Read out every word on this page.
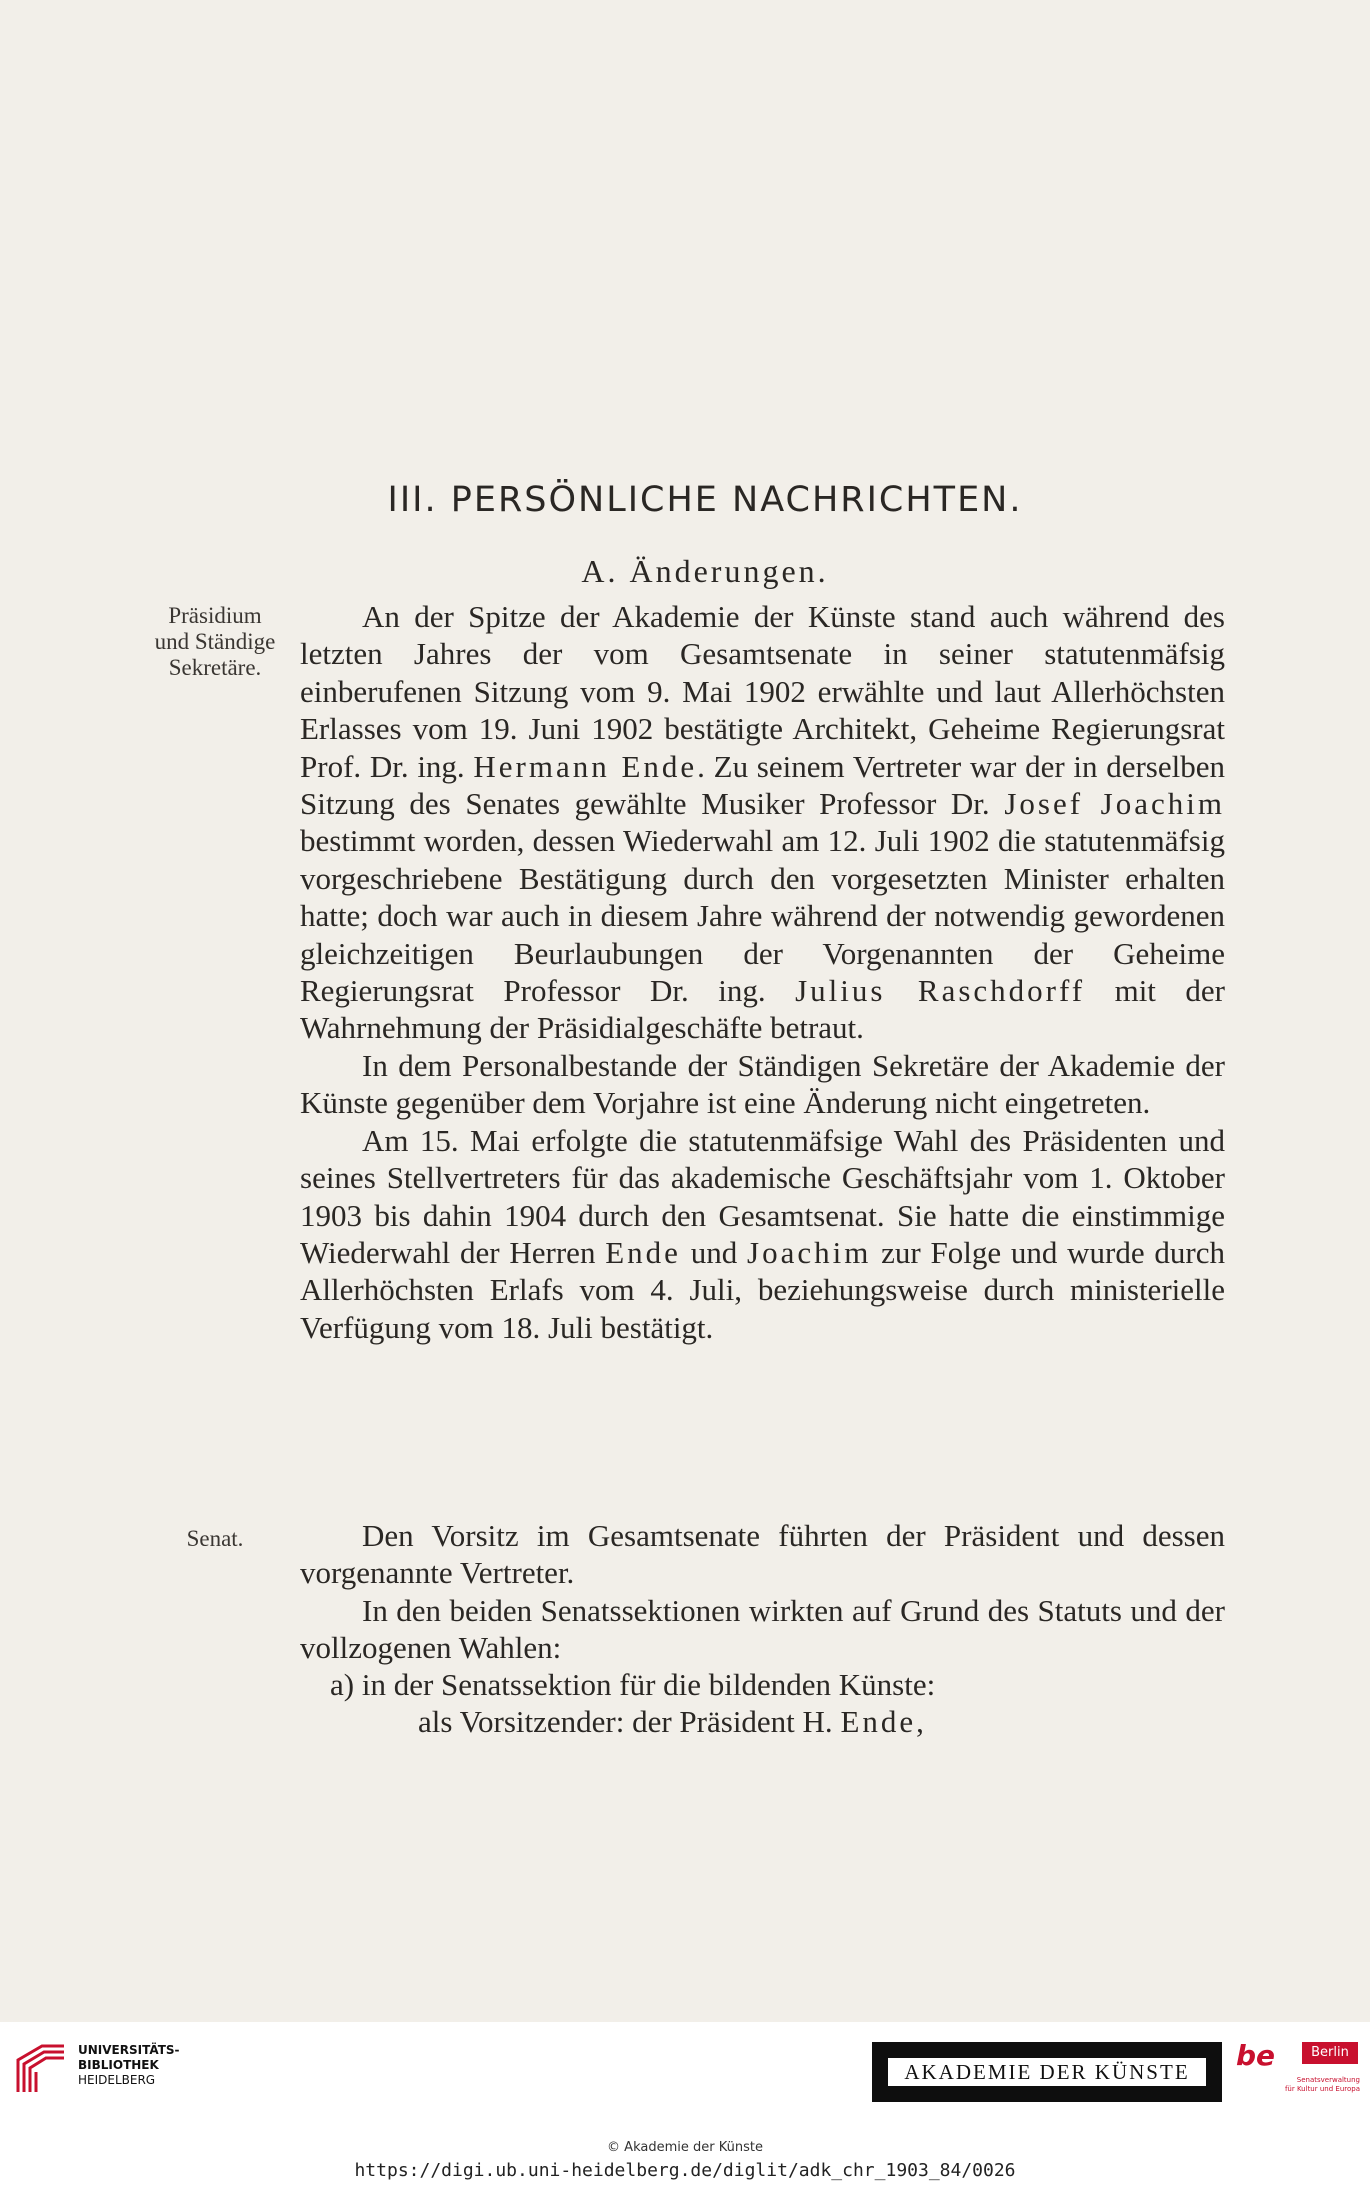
III. PERSÖNLICHE NACHRICHTEN.
A. Änderungen.
Präsidium
und Ständige
Sekretäre.

An der Spitze der Akademie der Künste stand auch während des letzten Jahres der vom Gesamtsenate in seiner statutenmäfsig einberufenen Sitzung vom 9. Mai 1902 erwählte und laut Allerhöchsten Erlasses vom 19. Juni 1902 bestätigte Architekt, Geheime Regierungsrat Prof. Dr. ing. Hermann Ende. Zu seinem Vertreter war der in derselben Sitzung des Senates gewählte Musiker Professor Dr. Josef Joachim bestimmt worden, dessen Wiederwahl am 12. Juli 1902 die statutenmäfsig vorgeschriebene Bestätigung durch den vorgesetzten Minister erhalten hatte; doch war auch in diesem Jahre während der notwendig gewordenen gleichzeitigen Beurlaubungen der Vorgenannten der Geheime Regierungsrat Professor Dr. ing. Julius Raschdorff mit der Wahrnehmung der Präsidialgeschäfte betraut.

In dem Personalbestande der Ständigen Sekretäre der Akademie der Künste gegenüber dem Vorjahre ist eine Änderung nicht eingetreten.

Am 15. Mai erfolgte die statutenmäfsige Wahl des Präsidenten und seines Stellvertreters für das akademische Geschäftsjahr vom 1. Oktober 1903 bis dahin 1904 durch den Gesamtsenat. Sie hatte die einstimmige Wiederwahl der Herren Ende und Joachim zur Folge und wurde durch Allerhöchsten Erlafs vom 4. Juli, beziehungsweise durch ministerielle Verfügung vom 18. Juli bestätigt.

Senat.	Den Vorsitz im Gesamtsenate führten der Präsident und dessen vorgenannte Vertreter.

In den beiden Senatssektionen wirkten auf Grund des Statuts und der vollzogenen Wahlen:

a) in der Senatssektion für die bildenden Künste:
als Vorsitzender: der Präsident H. Ende,
UNIVERSITÄTS-
BIBLIOTHEK
HEIDELBERG	AKADEMIE DER KÜNSTE	be	Berlin
Senatsverwaltung
für Kultur und Europa
© Akademie der Künste
https://digi.ub.uni-heidelberg.de/diglit/adk_chr_1903_84/0026
